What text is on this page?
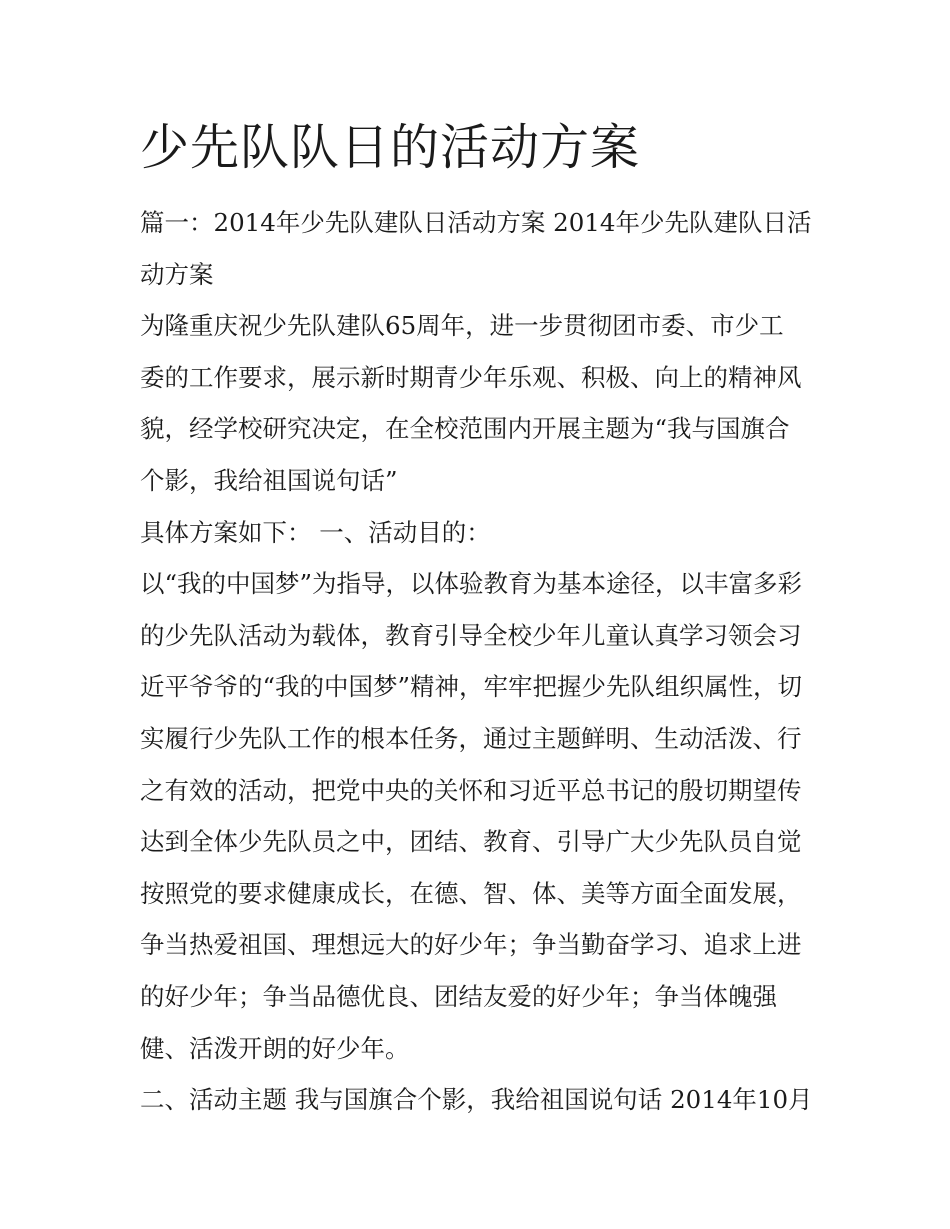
少先队队日的活动方案
篇一：2014年少先队建队日活动方案 2014年少先队建队日活
动方案
为隆重庆祝少先队建队65周年，进一步贯彻团市委、市少工
委的工作要求，展示新时期青少年乐观、积极、向上的精神风
貌，经学校研究决定，在全校范围内开展主题为“我与国旗合
个影，我给祖国说句话”
具体方案如下： 一、活动目的：
以“我的中国梦”为指导，以体验教育为基本途径，以丰富多彩
的少先队活动为载体，教育引导全校少年儿童认真学习领会习
近平爷爷的“我的中国梦”精神，牢牢把握少先队组织属性，切
实履行少先队工作的根本任务，通过主题鲜明、生动活泼、行
之有效的活动，把党中央的关怀和习近平总书记的殷切期望传
达到全体少先队员之中，团结、教育、引导广大少先队员自觉
按照党的要求健康成长，在德、智、体、美等方面全面发展，
争当热爱祖国、理想远大的好少年；争当勤奋学习、追求上进
的好少年；争当品德优良、团结友爱的好少年；争当体魄强
健、活泼开朗的好少年。
二、活动主题 我与国旗合个影，我给祖国说句话 2014年10月
